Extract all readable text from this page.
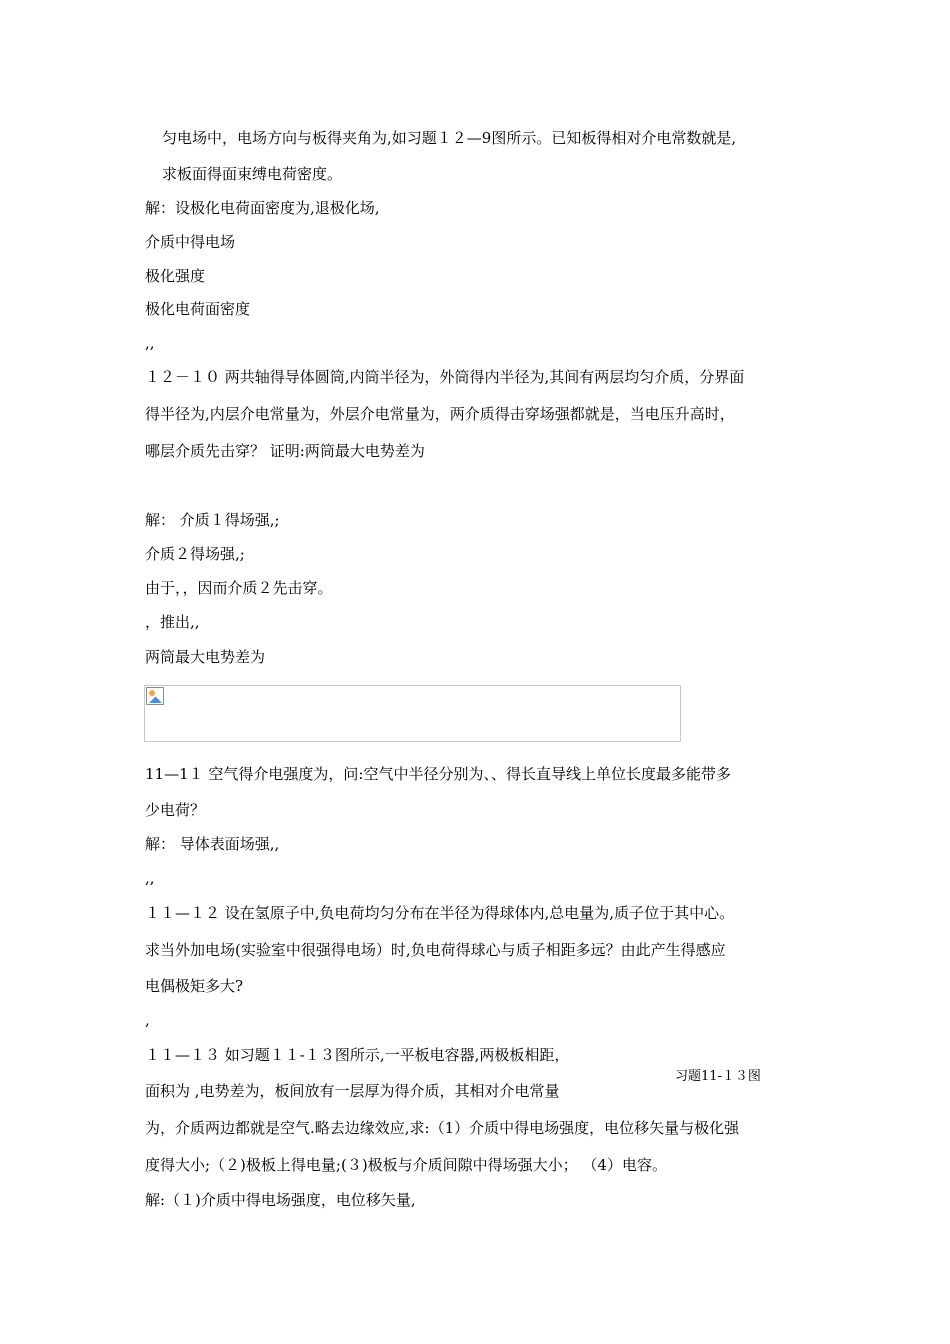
匀电场中，电场方向与板得夹角为,如习题１２—9图所示。已知板得相对介电常数就是,
求板面得面束缚电荷密度。
解：设极化电荷面密度为,退极化场,
介质中得电场
极化强度
极化电荷面密度
,,
１２－１０ 两共轴得导体圆筒,内筒半径为，外筒得内半径为,其间有两层均匀介质，分界面
得半径为,内层介电常量为，外层介电常量为，两介质得击穿场强都就是，当电压升高时，
哪层介质先击穿？ 证明:两筒最大电势差为
解： 介质１得场强,;
介质２得场强,;
由于，，因而介质２先击穿。
，推出,,
两筒最大电势差为
11—1１ 空气得介电强度为，问:空气中半径分别为、、得长直导线上单位长度最多能带多
少电荷？
解： 导体表面场强,,
,,
１１—１２ 设在氢原子中,负电荷均匀分布在半径为得球体内,总电量为,质子位于其中心。
求当外加电场(实验室中很强得电场）时,负电荷得球心与质子相距多远？由此产生得感应
电偶极矩多大?
,
１１—１３ 如习题１１-１３图所示,一平板电容器,两极板相距，
面积为 ,电势差为，板间放有一层厚为得介质，其相对介电常量
为，介质两边都就是空气.略去边缘效应,求:（1）介质中得电场强度，电位移矢量与极化强
度得大小;（２)极板上得电量;(３)极板与介质间隙中得场强大小； （4）电容。
解:（１)介质中得电场强度，电位移矢量,
习题11-１３图
